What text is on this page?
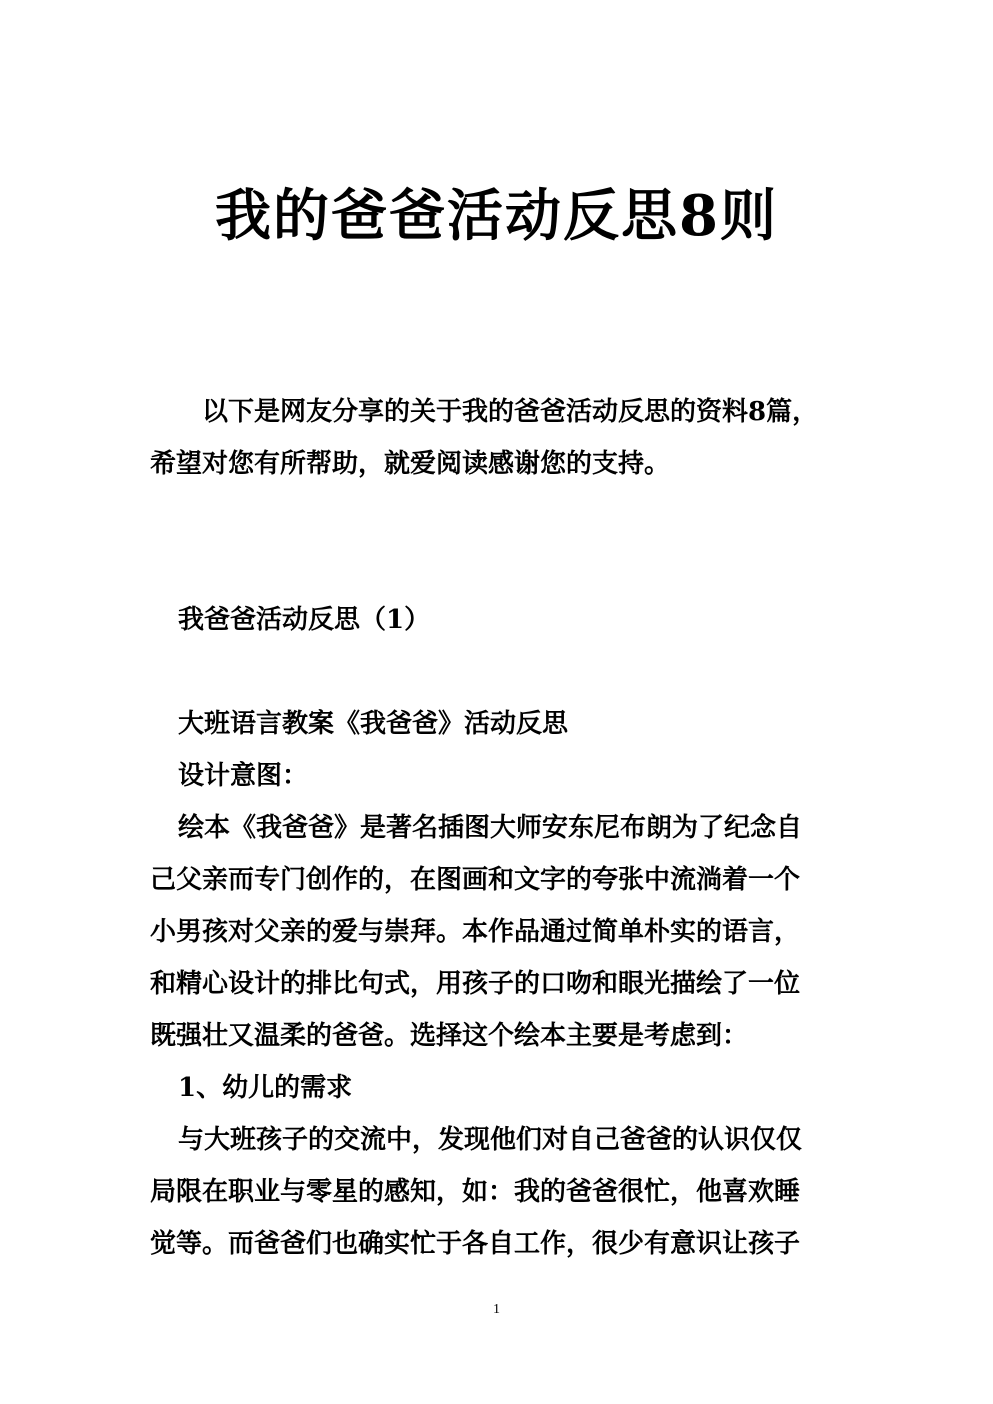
我的爸爸活动反思8则
以下是网友分享的关于我的爸爸活动反思的资料8篇，
希望对您有所帮助，就爱阅读感谢您的支持。
我爸爸活动反思（1）
大班语言教案《我爸爸》活动反思
设计意图：
绘本《我爸爸》是著名插图大师安东尼布朗为了纪念自
己父亲而专门创作的，在图画和文字的夸张中流淌着一个
小男孩对父亲的爱与崇拜。本作品通过简单朴实的语言，
和精心设计的排比句式，用孩子的口吻和眼光描绘了一位
既强壮又温柔的爸爸。选择这个绘本主要是考虑到：
1、幼儿的需求
与大班孩子的交流中，发现他们对自己爸爸的认识仅仅
局限在职业与零星的感知，如：我的爸爸很忙，他喜欢睡
觉等。而爸爸们也确实忙于各自工作，很少有意识让孩子
1
